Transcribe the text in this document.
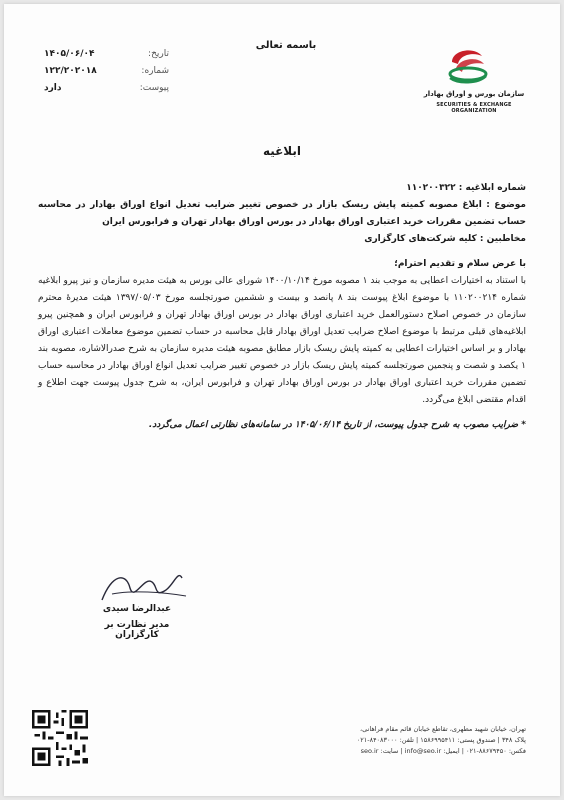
باسمه تعالی
تاریخ:
۱۴۰۵/۰۶/۰۴
شماره:
۱۲۲/۲۰۲۰۱۸
پیوست:
دارد
سازمان بورس و اوراق بهادار
SECURITIES & EXCHANGE ORGANIZATION
ابلاغیه
شماره ابلاغیه : ۱۱۰۲۰۰۳۲۲
موضوع : ابلاغ مصوبه کمیته پایش ریسک بازار در خصوص تغییر ضرایب تعدیل انواع اوراق بهادار در محاسبه حساب تضمین مقررات خرید اعتباری اوراق بهادار در بورس اوراق بهادار تهران و فرابورس ایران
مخاطبین : کلیه شرکت‌های کارگزاری
با عرض سلام و تقدیم احترام؛
با استناد به اختیارات اعطایی به موجب بند ۱ مصوبه مورخ ۱۴۰۰/۱۰/۱۴ شورای عالی بورس به هیئت مدیره سازمان و نیز پیرو ابلاغیه شماره ۱۱۰۲۰۰۲۱۴ با موضوع ابلاغ پیوست بند ۸ پانصد و بیست و ششمین صورتجلسه مورخ ۱۳۹۷/۰۵/۰۳ هیئت مدیرهٔ محترم سازمان در خصوص اصلاح دستورالعمل خرید اعتباری اوراق بهادار در بورس اوراق بهادار تهران و فرابورس ایران و همچنین پیرو ابلاغیه‌های قبلی مرتبط با موضوع اصلاح ضرایب تعدیل اوراق بهادار قابل محاسبه در حساب تضمین موضوع معاملات اعتباری اوراق بهادار و بر اساس اختیارات اعطایی به کمیته پایش ریسک بازار مطابق مصوبه هیئت مدیره سازمان به شرح صدرالاشاره، مصوبه بند ۱ یکصد و شصت و پنجمین صورتجلسه کمیته پایش ریسک بازار در خصوص تغییر ضرایب تعدیل انواع اوراق بهادار در محاسبه حساب تضمین مقررات خرید اعتباری اوراق بهادار در بورس اوراق بهادار تهران و فرابورس ایران، به شرح جدول پیوست جهت اطلاع و اقدام مقتضی ابلاغ می‌گردد.
* ضرایب مصوب به شرح جدول پیوست، از تاریخ ۱۴۰۵/۰۶/۱۴ در سامانه‌های نظارتی اعمال می‌گردد.
عبدالرضا سیدی
مدیر نظارت بر کارگزاران
تهران، خیابان شهید مطهری، تقاطع خیابان قائم مقام فراهانی،
پلاک ۳۴۸ | صندوق پستی: ۱۵۸۶۹۹۵۴۱۱ | تلفن: ۸۴۰۸۳۰۰۰-۰۲۱
فکس: ۸۸۶۷۹۴۵۰-۰۲۱ | ایمیل: info@seo.ir | سایت: seo.ir
